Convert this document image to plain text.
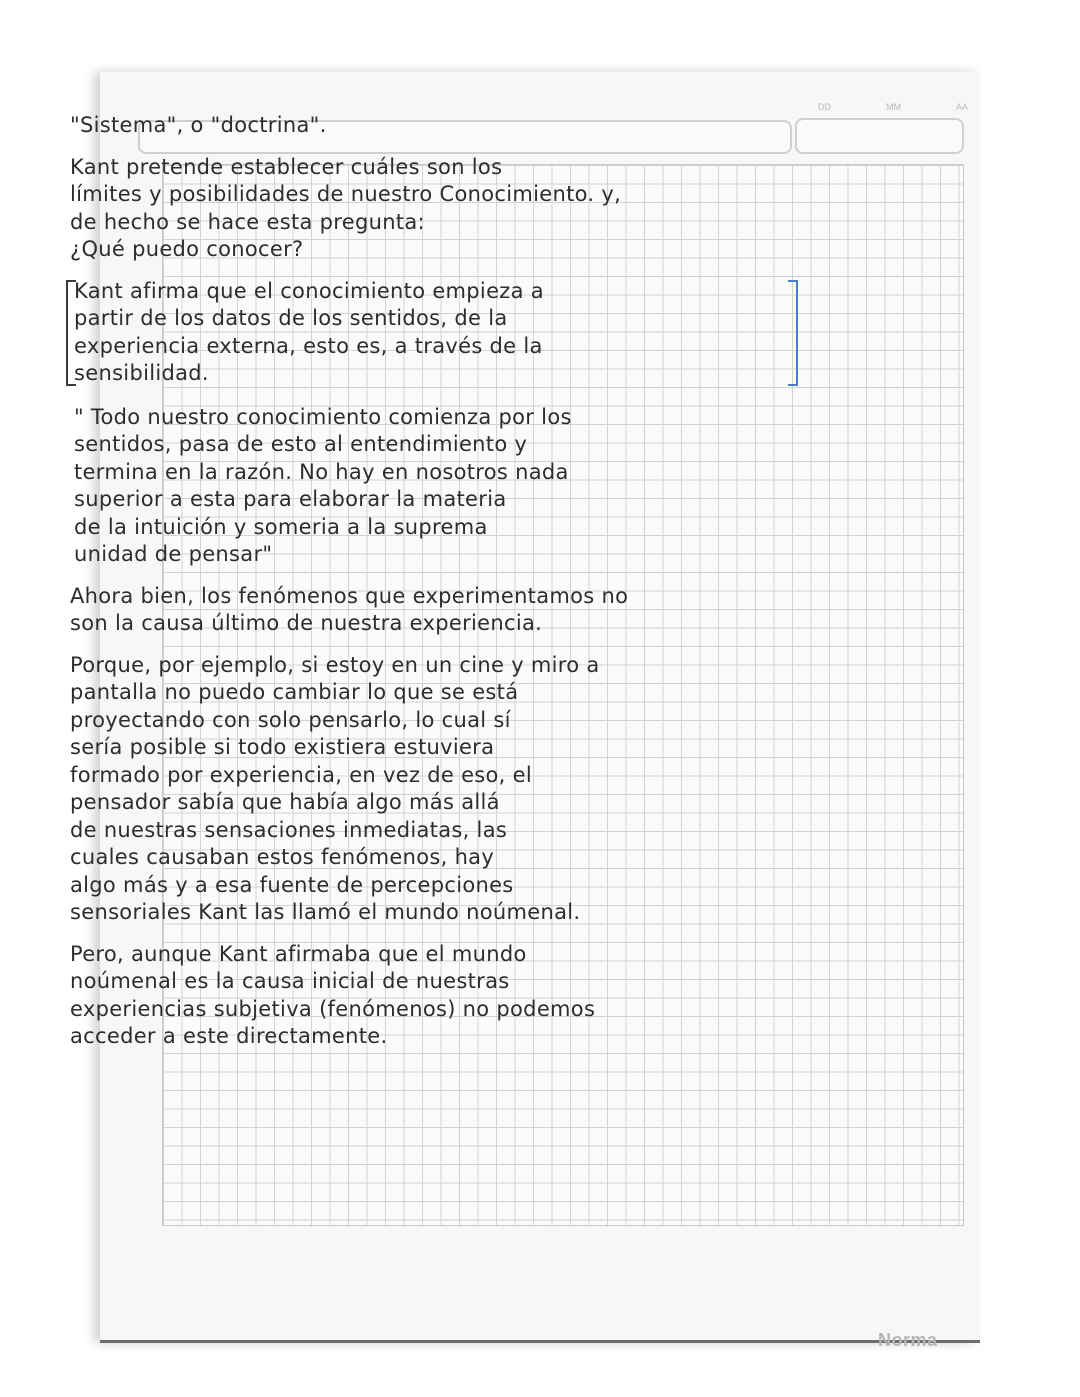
DD	MM	AA
Norma
"Sistema", o "doctrina".
Kant pretende establecer cuáles son los
límites y posibilidades de nuestro Conocimiento. y,
de hecho se hace esta pregunta:
¿Qué puedo conocer?
Kant afirma que el conocimiento empieza a
partir de los datos de los sentidos, de la
experiencia externa, esto es, a través de la
sensibilidad.
" Todo nuestro conocimiento comienza por los
sentidos, pasa de esto al entendimiento y
termina en la razón. No hay en nosotros nada
superior a esta para elaborar la materia
de la intuición y someria a la suprema
unidad de pensar"
Ahora bien, los fenómenos que experimentamos no
son la causa último de nuestra experiencia.
Porque, por ejemplo, si estoy en un cine y miro a
pantalla no puedo cambiar lo que se está
proyectando con solo pensarlo, lo cual sí
sería posible si todo existiera estuviera
formado por experiencia, en vez de eso, el
pensador sabía que había algo más allá
de nuestras sensaciones inmediatas, las
cuales causaban estos fenómenos, hay
algo más y a esa fuente de percepciones
sensoriales Kant las llamó el mundo noúmenal.
Pero, aunque Kant afirmaba que el mundo
noúmenal es la causa inicial de nuestras
experiencias subjetiva (fenómenos) no podemos
acceder a este directamente.
